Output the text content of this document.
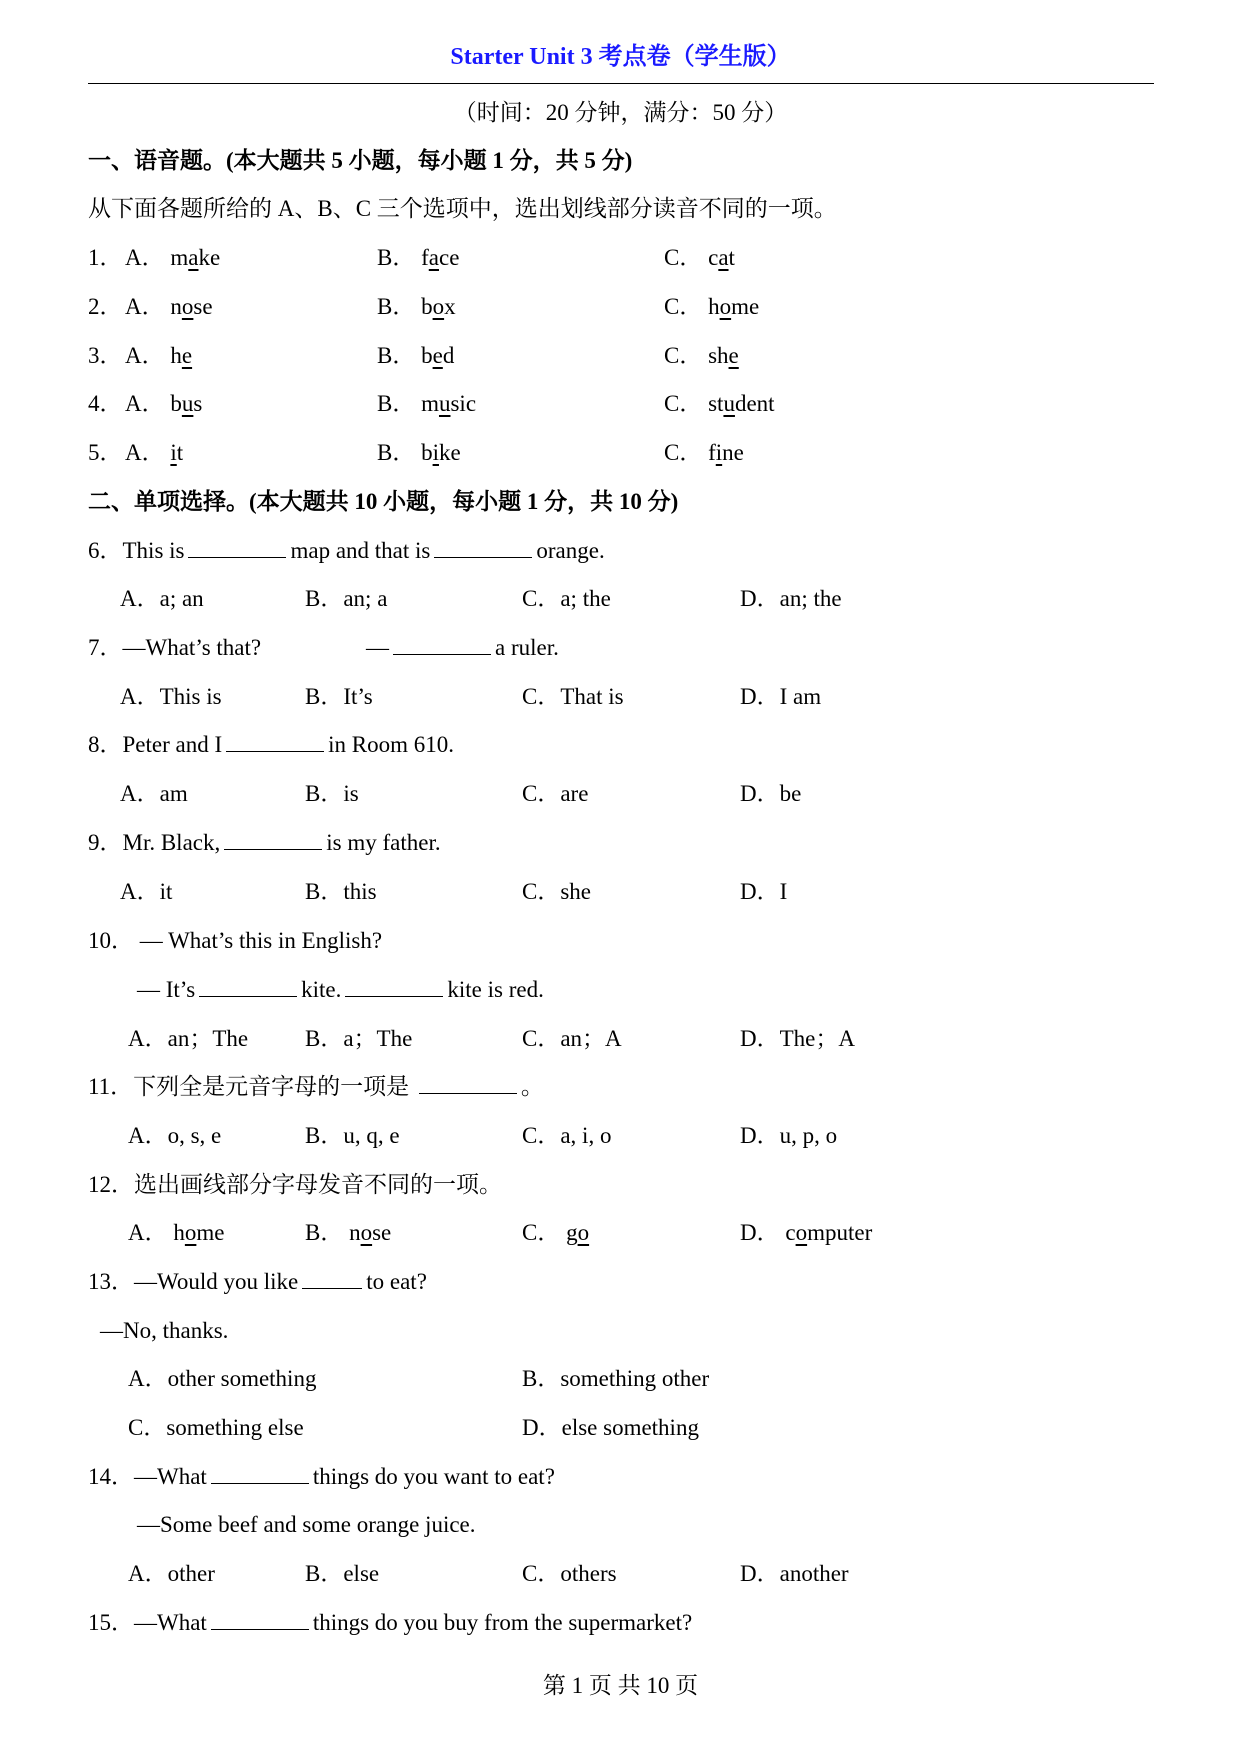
Starter Unit 3 考点卷（学生版）
（时间：20 分钟，满分：50 分）
一、语音题。(本大题共 5 小题，每小题 1 分，共 5 分)
从下面各题所给的 A、B、C 三个选项中，选出划线部分读音不同的一项。
1． A． make	B． face	C． cat
2． A． nose	B． box	C． home
3． A． he	B． bed	C． she
4． A． bus	B． music	C． student
5． A． it	B． bike	C． fine
二、单项选择。(本大题共 10 小题，每小题 1 分，共 10 分)
6．This is	map and that is	orange.
A．a; an	B．an; a	C．a; the	D．an; the
7．—What’s that?	—	a ruler.
A．This is	B．It’s	C．That is	D．I am
8．Peter and I	in Room 610.
A．am	B．is	C．are	D．be
9．Mr. Black,	is my father.
A．it	B．this	C．she	D．I
10． — What’s this in English?
— It’s	kite.	kite is red.
A．an；The B．a；The	C．an；A	D．The；A
11．下列全是元音字母的一项是	。
A．o, s, e	B．u, q, e	C．a, i, o	D．u, p, o
12．选出画线部分字母发音不同的一项。
A． home	B． nose	C． go	D． computer
13．—Would you like	to eat?
—No, thanks.
A．other something	B．something other
C．something else	D．else something
14．—What	things do you want to eat?
—Some beef and some orange juice.
A．other	B．else	C．others	D．another
15．—What	things do you buy from the supermarket?
第 1 页 共 10 页
